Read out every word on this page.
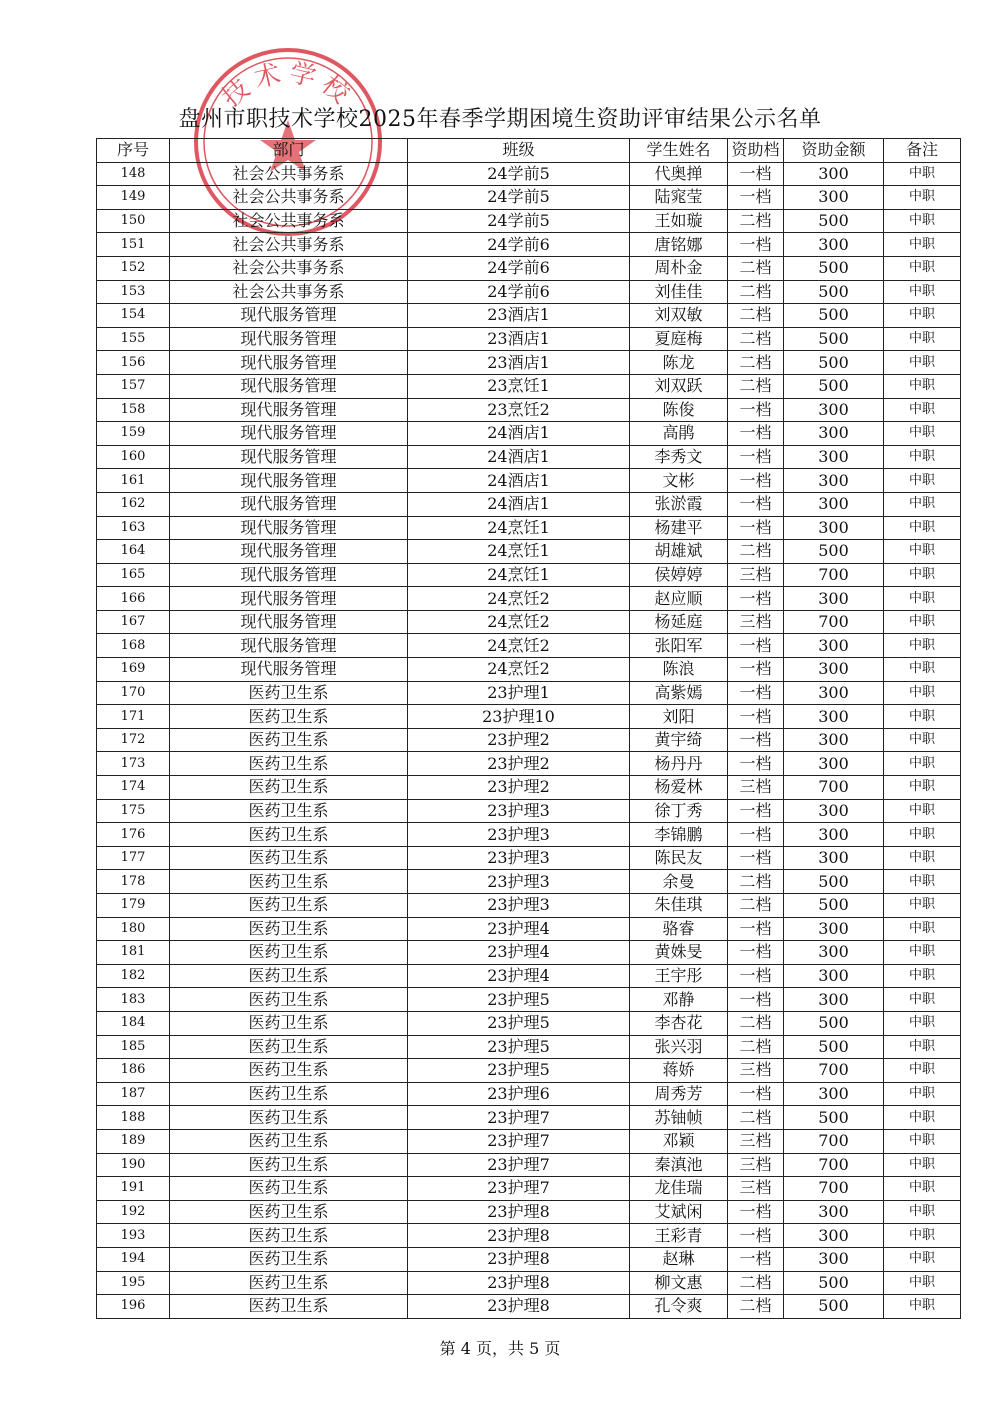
技术学校
盘州市职技术学校2025年春季学期困境生资助评审结果公示名单
序号	部门	班级	学生姓名	资助档	资助金额	备注
148	社会公共事务系	24学前5	代奥掸	一档	300	中职
149	社会公共事务系	24学前5	陆窕莹	一档	300	中职
150	社会公共事务系	24学前5	王如璇	二档	500	中职
151	社会公共事务系	24学前6	唐铭娜	一档	300	中职
152	社会公共事务系	24学前6	周朴金	二档	500	中职
153	社会公共事务系	24学前6	刘佳佳	二档	500	中职
154	现代服务管理	23酒店1	刘双敏	二档	500	中职
155	现代服务管理	23酒店1	夏庭梅	二档	500	中职
156	现代服务管理	23酒店1	陈龙	二档	500	中职
157	现代服务管理	23烹饪1	刘双跃	二档	500	中职
158	现代服务管理	23烹饪2	陈俊	一档	300	中职
159	现代服务管理	24酒店1	高鹃	一档	300	中职
160	现代服务管理	24酒店1	李秀文	一档	300	中职
161	现代服务管理	24酒店1	文彬	一档	300	中职
162	现代服务管理	24酒店1	张淤霞	一档	300	中职
163	现代服务管理	24烹饪1	杨建平	一档	300	中职
164	现代服务管理	24烹饪1	胡雄斌	二档	500	中职
165	现代服务管理	24烹饪1	侯婷婷	三档	700	中职
166	现代服务管理	24烹饪2	赵应顺	一档	300	中职
167	现代服务管理	24烹饪2	杨延庭	三档	700	中职
168	现代服务管理	24烹饪2	张阳军	一档	300	中职
169	现代服务管理	24烹饪2	陈浪	一档	300	中职
170	医药卫生系	23护理1	高紫嫣	一档	300	中职
171	医药卫生系	23护理10	刘阳	一档	300	中职
172	医药卫生系	23护理2	黄宇绮	一档	300	中职
173	医药卫生系	23护理2	杨丹丹	一档	300	中职
174	医药卫生系	23护理2	杨爱林	三档	700	中职
175	医药卫生系	23护理3	徐丁秀	一档	300	中职
176	医药卫生系	23护理3	李锦鹏	一档	300	中职
177	医药卫生系	23护理3	陈民友	一档	300	中职
178	医药卫生系	23护理3	余曼	二档	500	中职
179	医药卫生系	23护理3	朱佳琪	二档	500	中职
180	医药卫生系	23护理4	骆睿	一档	300	中职
181	医药卫生系	23护理4	黄姝旻	一档	300	中职
182	医药卫生系	23护理4	王宇彤	一档	300	中职
183	医药卫生系	23护理5	邓静	一档	300	中职
184	医药卫生系	23护理5	李杏花	二档	500	中职
185	医药卫生系	23护理5	张兴羽	二档	500	中职
186	医药卫生系	23护理5	蒋娇	三档	700	中职
187	医药卫生系	23护理6	周秀芳	一档	300	中职
188	医药卫生系	23护理7	苏铀帧	二档	500	中职
189	医药卫生系	23护理7	邓颖	三档	700	中职
190	医药卫生系	23护理7	秦滇池	三档	700	中职
191	医药卫生系	23护理7	龙佳瑞	三档	700	中职
192	医药卫生系	23护理8	艾斌闲	一档	300	中职
193	医药卫生系	23护理8	王彩青	一档	300	中职
194	医药卫生系	23护理8	赵琳	一档	300	中职
195	医药卫生系	23护理8	柳文惠	二档	500	中职
196	医药卫生系	23护理8	孔令爽	二档	500	中职
第 4 页，共 5 页
